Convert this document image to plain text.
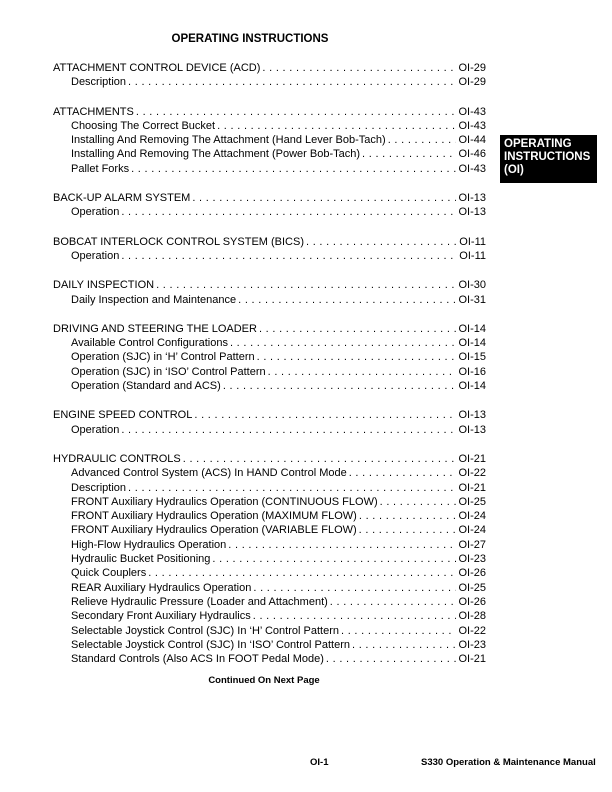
OPERATING INSTRUCTIONS
ATTACHMENT CONTROL DEVICE (ACD) . . .	OI-29
Description . . .	OI-29
ATTACHMENTS . . .	OI-43
Choosing The Correct Bucket . . .	OI-43
Installing And Removing The Attachment (Hand Lever Bob-Tach) . . .	OI-44
Installing And Removing The Attachment (Power Bob-Tach) . . .	OI-46
Pallet Forks . . .	OI-43
BACK-UP ALARM SYSTEM . . .	OI-13
Operation . . .	OI-13
BOBCAT INTERLOCK CONTROL SYSTEM (BICS) . . .	OI-11
Operation . . .	OI-11
DAILY INSPECTION . . .	OI-30
Daily Inspection and Maintenance . . .	OI-31
DRIVING AND STEERING THE LOADER . . .	OI-14
Available Control Configurations . . .	OI-14
Operation (SJC) in ‘H’ Control Pattern . . .	OI-15
Operation (SJC) in ‘ISO’ Control Pattern . . .	OI-16
Operation (Standard and ACS) . . .	OI-14
ENGINE SPEED CONTROL . . .	OI-13
Operation . . .	OI-13
HYDRAULIC CONTROLS . . .	OI-21
Advanced Control System (ACS) In HAND Control Mode . . .	OI-22
Description . . .	OI-21
FRONT Auxiliary Hydraulics Operation (CONTINUOUS FLOW) . . .	OI-25
FRONT Auxiliary Hydraulics Operation (MAXIMUM FLOW) . . .	OI-24
FRONT Auxiliary Hydraulics Operation (VARIABLE FLOW) . . .	OI-24
High-Flow Hydraulics Operation . . .	OI-27
Hydraulic Bucket Positioning . . .	OI-23
Quick Couplers . . .	OI-26
REAR Auxiliary Hydraulics Operation . . .	OI-25
Relieve Hydraulic Pressure (Loader and Attachment) . . .	OI-26
Secondary Front Auxiliary Hydraulics . . .	OI-28
Selectable Joystick Control (SJC) In ‘H’ Control Pattern . . .	OI-22
Selectable Joystick Control (SJC) In ‘ISO’ Control Pattern . . .	OI-23
Standard Controls (Also ACS In FOOT Pedal Mode) . . .	OI-21
OPERATING
INSTRUCTIONS
(OI)
Continued On Next Page
OI-1	S330 Operation & Maintenance Manual
